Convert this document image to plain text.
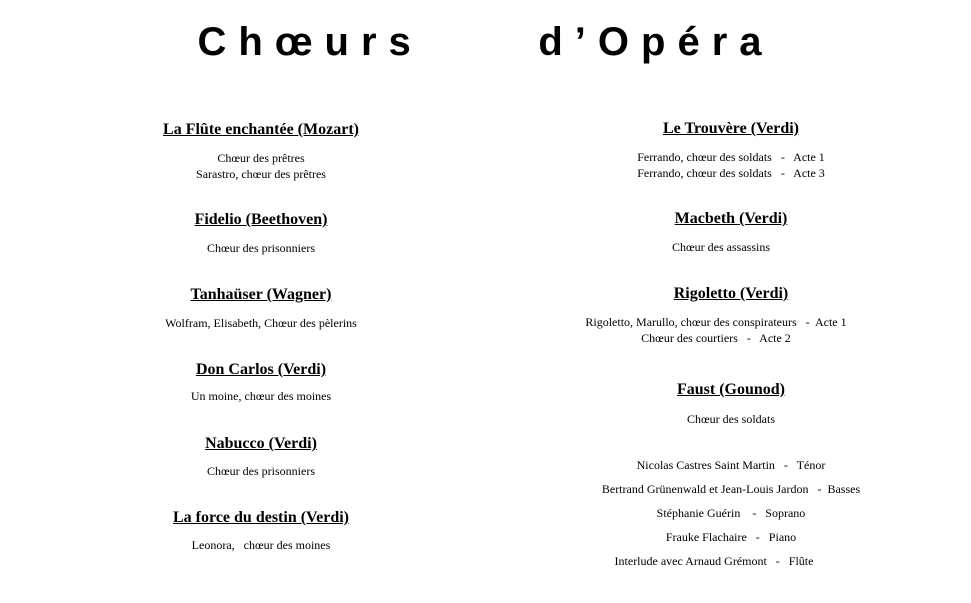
Chœurs     d’Opéra

La Flûte enchantée (Mozart)

Chœur des prêtres

Sarastro, chœur des prêtres

Fidelio (Beethoven)

Chœur des prisonniers

Tanhaüser (Wagner)

Wolfram, Elisabeth, Chœur des pèlerins

Don Carlos (Verdi)

Un moine, chœur des moines

Nabucco (Verdi)

Chœur des prisonniers

La force du destin (Verdi)

Leonora,   chœur des moines

Le Trouvère (Verdi)

Ferrando, chœur des soldats   -   Acte 1

Ferrando, chœur des soldats   -   Acte 3

Macbeth (Verdi)

Chœur des assassins

Rigoletto (Verdi)

Rigoletto, Marullo, chœur des conspirateurs   -  Acte 1

Chœur des courtiers   -   Acte 2

Faust (Gounod)

Chœur des soldats

Nicolas Castres Saint Martin   -   Ténor
Bertrand Grünenwald et Jean-Louis Jardon   -  Basses
Stéphanie Guérin    -   Soprano
Frauke Flachaire   -   Piano
Interlude avec Arnaud Grémont   -   Flûte
